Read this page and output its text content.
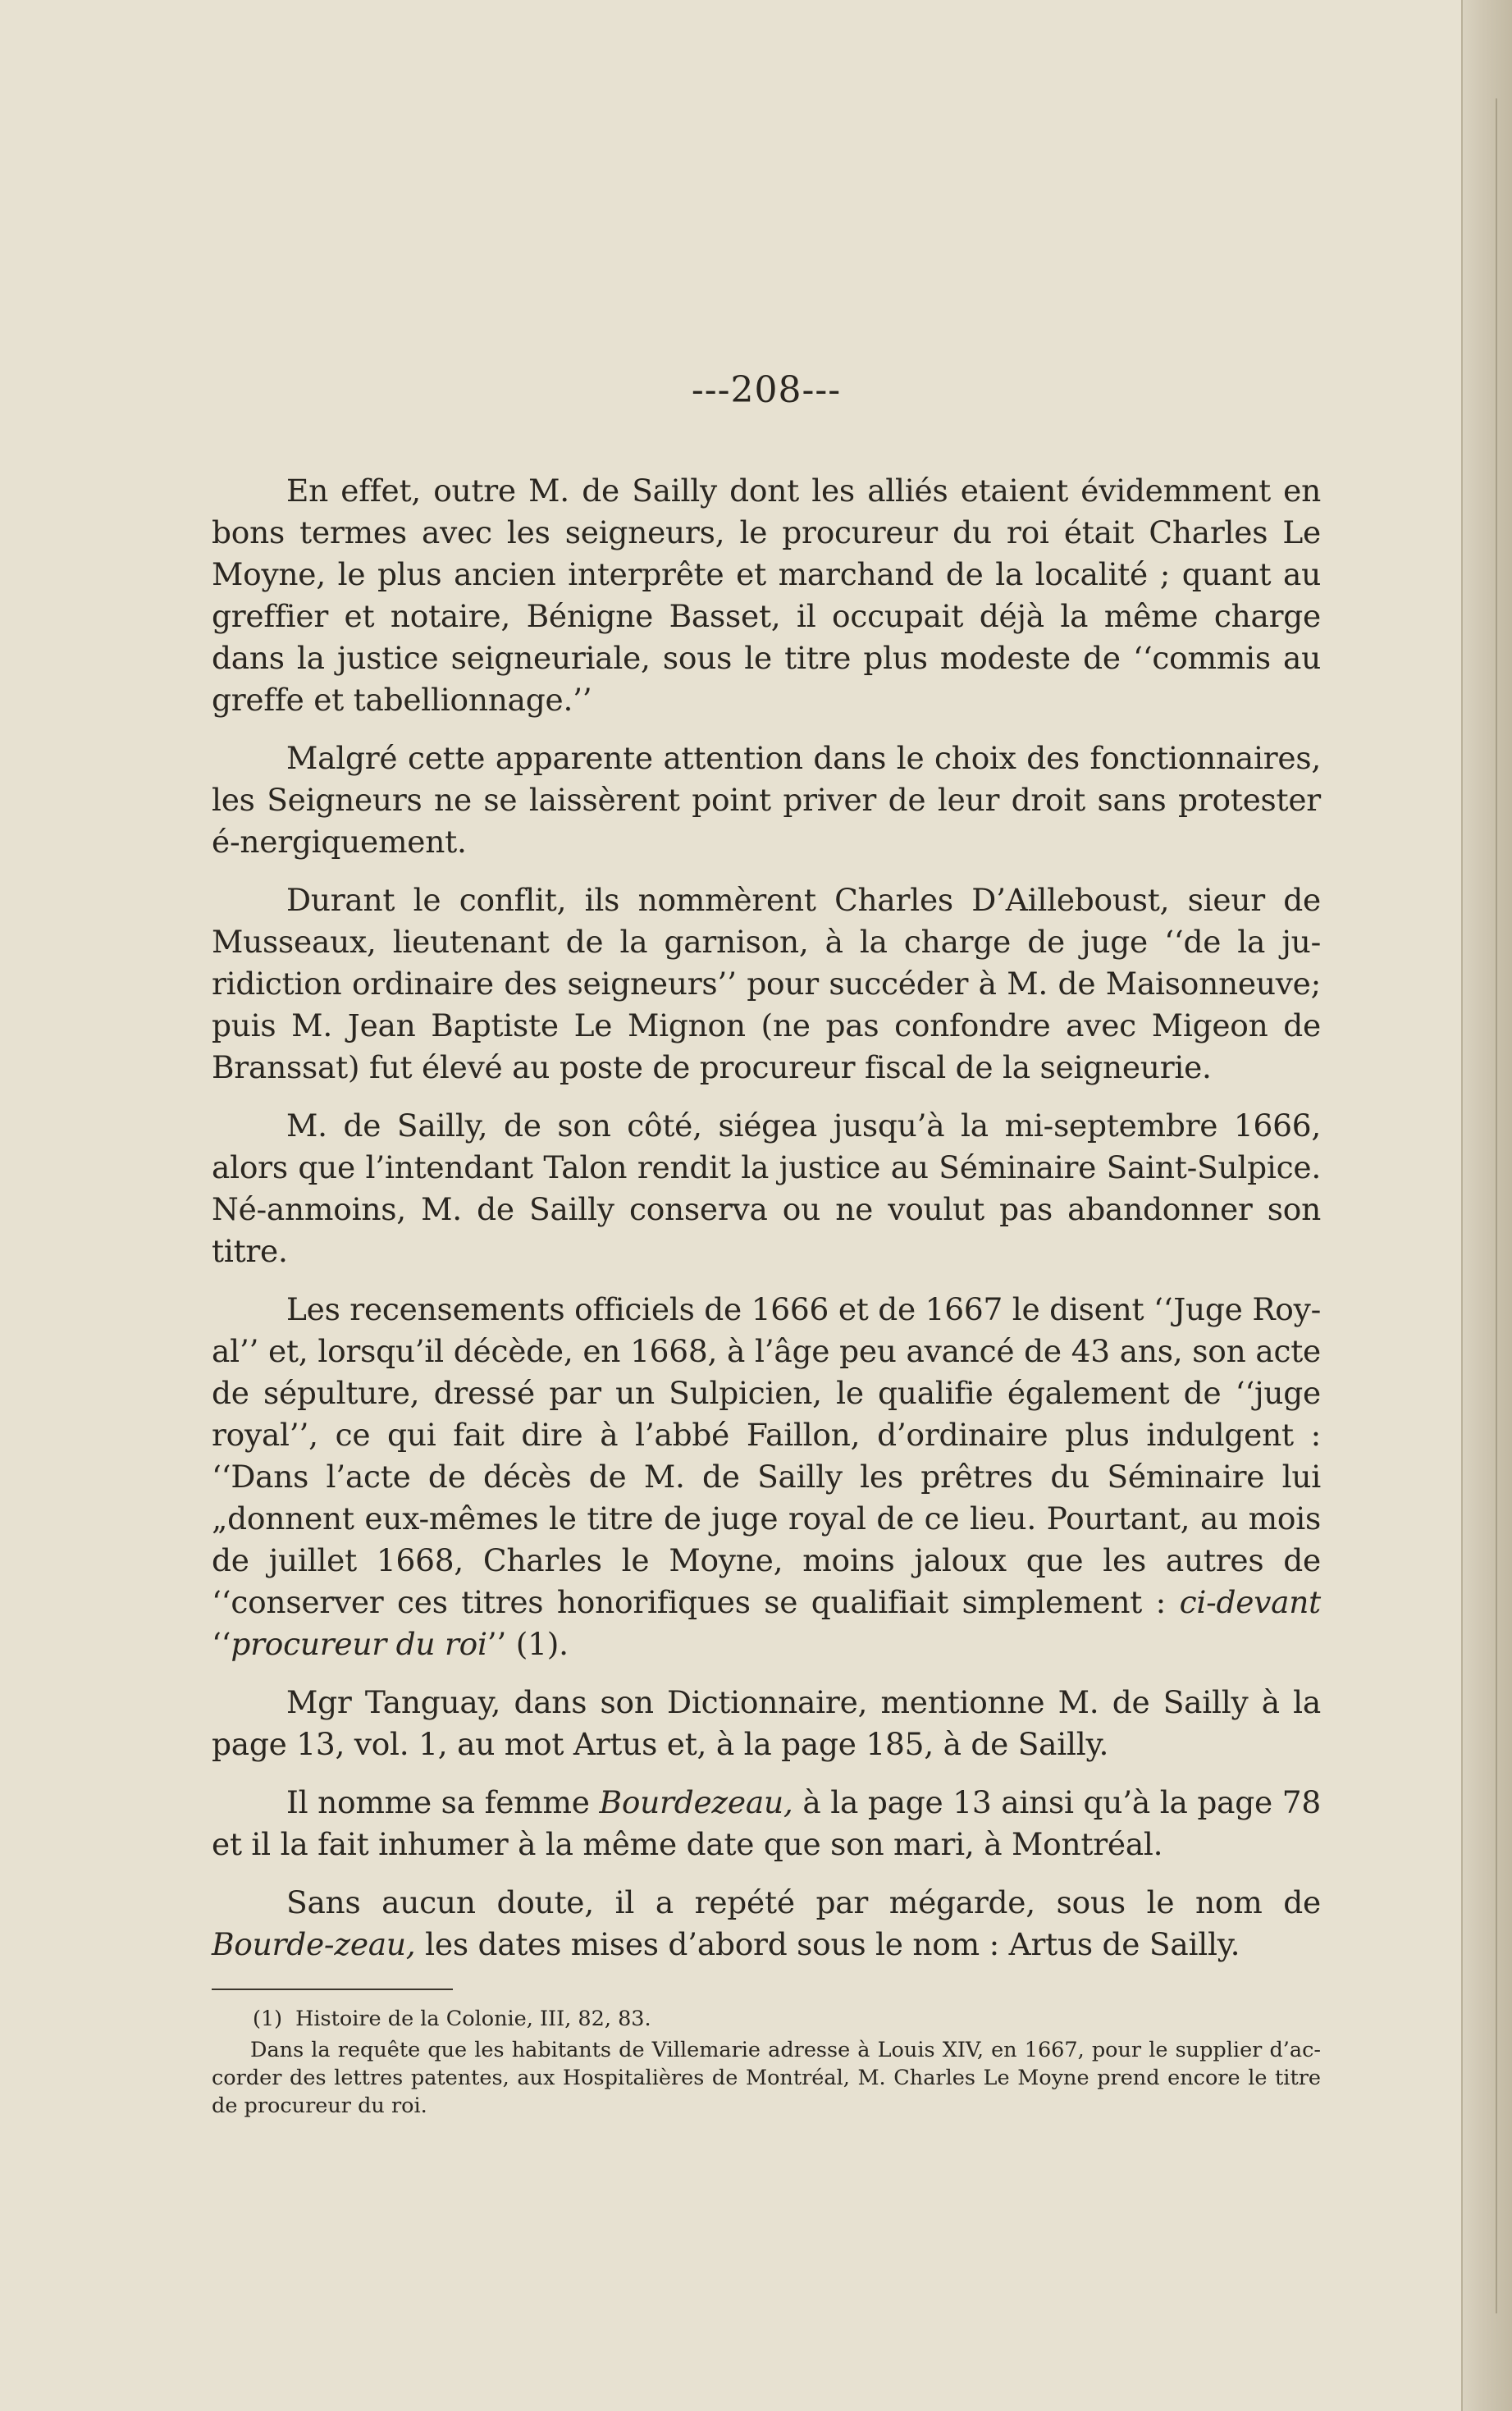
---208---

En effet, outre M. de Sailly dont les alliés etaient évidemment en bons termes avec les seigneurs, le procureur du roi était Charles Le Moyne, le plus ancien interprête et marchand de la localité ; quant au greffier et notaire, Bénigne Basset, il occupait déjà la même charge dans la justice seigneuriale, sous le titre plus modeste de ‘‘commis au greffe et tabellionnage.’’

Malgré cette apparente attention dans le choix des fonctionnaires, les Seigneurs ne se laissèrent point priver de leur droit sans protester é-nergiquement.

Durant le conflit, ils nommèrent Charles D’Ailleboust, sieur de Musseaux, lieutenant de la garnison, à la charge de juge ‘‘de la ju-ridiction ordinaire des seigneurs’’ pour succéder à M. de Maisonneuve; puis M. Jean Baptiste Le Mignon (ne pas confondre avec Migeon de Branssat) fut élevé au poste de procureur fiscal de la seigneurie.

M. de Sailly, de son côté, siégea jusqu’à la mi-septembre 1666, alors que l’intendant Talon rendit la justice au Séminaire Saint-Sulpice. Né-anmoins, M. de Sailly conserva ou ne voulut pas abandonner son titre.

Les recensements officiels de 1666 et de 1667 le disent ‘‘Juge Roy-al’’ et, lorsqu’il décède, en 1668, à l’âge peu avancé de 43 ans, son acte de sépulture, dressé par un Sulpicien, le qualifie également de ‘‘juge royal’’, ce qui fait dire à l’abbé Faillon, d’ordinaire plus indulgent : ‘‘Dans l’acte de décès de M. de Sailly les prêtres du Séminaire lui „donnent eux-mêmes le titre de juge royal de ce lieu. Pourtant, au mois de juillet 1668, Charles le Moyne, moins jaloux que les autres de ‘‘conserver ces titres honorifiques se qualifiait simplement : ci-devant ‘‘procureur du roi’’ (1).

Mgr Tanguay, dans son Dictionnaire, mentionne M. de Sailly à la page 13, vol. 1, au mot Artus et, à la page 185, à de Sailly.

Il nomme sa femme Bourdezeau, à la page 13 ainsi qu’à la page 78 et il la fait inhumer à la même date que son mari, à Montréal.

Sans aucun doute, il a repété par mégarde, sous le nom de Bourde-zeau, les dates mises d’abord sous le nom : Artus de Sailly.

(1) Histoire de la Colonie, III, 82, 83.

Dans la requête que les habitants de Villemarie adresse à Louis XIV, en 1667, pour le supplier d’ac-corder des lettres patentes, aux Hospitalières de Montréal, M. Charles Le Moyne prend encore le titre de procureur du roi.
